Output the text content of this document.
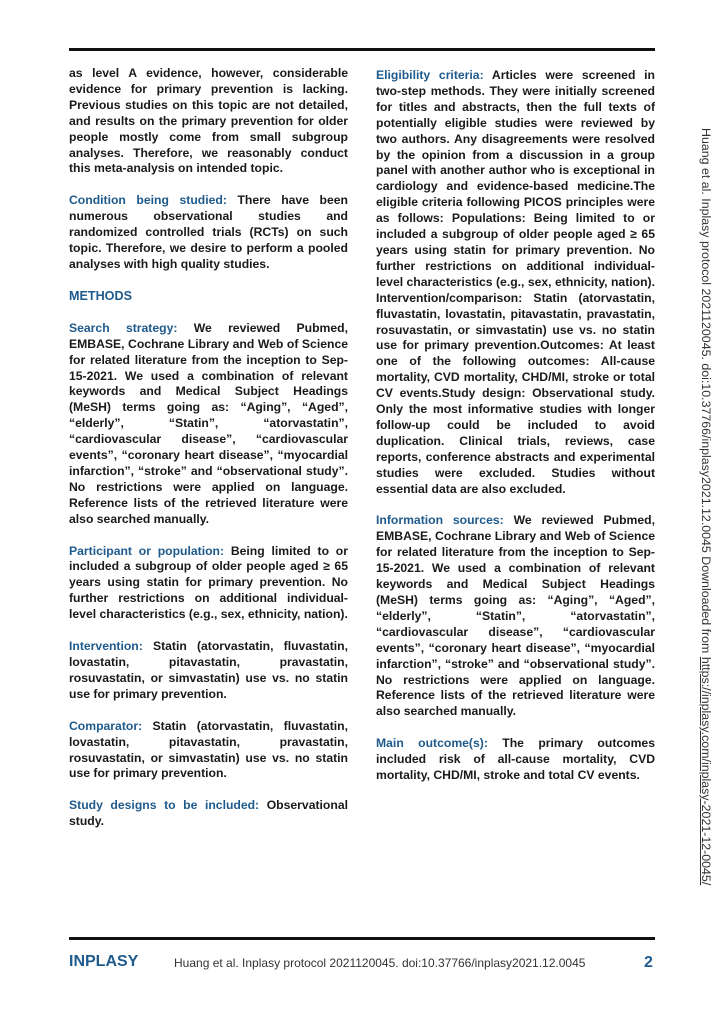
as level A evidence, however, considerable evidence for primary prevention is lacking. Previous studies on this topic are not detailed, and results on the primary prevention for older people mostly come from small subgroup analyses. Therefore, we reasonably conduct this meta-analysis on intended topic.

Condition being studied: There have been numerous observational studies and randomized controlled trials (RCTs) on such topic. Therefore, we desire to perform a pooled analyses with high quality studies.

METHODS

Search strategy: We reviewed Pubmed, EMBASE, Cochrane Library and Web of Science for related literature from the inception to Sep-15-2021. We used a combination of relevant keywords and Medical Subject Headings (MeSH) terms going as: “Aging”, “Aged”, “elderly”, “Statin”, “atorvastatin”, “cardiovascular disease”, “cardiovascular events”, “coronary heart disease”, “myocardial infarction”, “stroke” and “observational study”. No restrictions were applied on language. Reference lists of the retrieved literature were also searched manually.

Participant or population: Being limited to or included a subgroup of older people aged ≥ 65 years using statin for primary prevention. No further restrictions on additional individual-level characteristics (e.g., sex, ethnicity, nation).

Intervention: Statin (atorvastatin, fluvastatin, lovastatin, pitavastatin, pravastatin, rosuvastatin, or simvastatin) use vs. no statin use for primary prevention.

Comparator: Statin (atorvastatin, fluvastatin, lovastatin, pitavastatin, pravastatin, rosuvastatin, or simvastatin) use vs. no statin use for primary prevention.

Study designs to be included: Observational study.

Eligibility criteria: Articles were screened in two-step methods. They were initially screened for titles and abstracts, then the full texts of potentially eligible studies were reviewed by two authors. Any disagreements were resolved by the opinion from a discussion in a group panel with another author who is exceptional in cardiology and evidence-based medicine.The eligible criteria following PICOS principles were as follows: Populations: Being limited to or included a subgroup of older people aged ≥ 65 years using statin for primary prevention. No further restrictions on additional individual-level characteristics (e.g., sex, ethnicity, nation). Intervention/comparison: Statin (atorvastatin, fluvastatin, lovastatin, pitavastatin, pravastatin, rosuvastatin, or simvastatin) use vs. no statin use for primary prevention.Outcomes: At least one of the following outcomes: All-cause mortality, CVD mortality, CHD/MI, stroke or total CV events.Study design: Observational study. Only the most informative studies with longer follow-up could be included to avoid duplication. Clinical trials, reviews, case reports, conference abstracts and experimental studies were excluded. Studies without essential data are also excluded.

Information sources: We reviewed Pubmed, EMBASE, Cochrane Library and Web of Science for related literature from the inception to Sep-15-2021. We used a combination of relevant keywords and Medical Subject Headings (MeSH) terms going as: “Aging”, “Aged”, “elderly”, “Statin”, “atorvastatin”, “cardiovascular disease”, “cardiovascular events”, “coronary heart disease”, “myocardial infarction”, “stroke” and “observational study”. No restrictions were applied on language. Reference lists of the retrieved literature were also searched manually.

Main outcome(s): The primary outcomes included risk of all-cause mortality, CVD mortality, CHD/MI, stroke and total CV events.

INPLASY	Huang et al. Inplasy protocol 2021120045. doi:10.37766/inplasy2021.12.0045	2
Huang et al. Inplasy protocol 2021120045. doi:10.37766/inplasy2021.12.0045 Downloaded from https://inplasy.com/inplasy-2021-12-0045/
